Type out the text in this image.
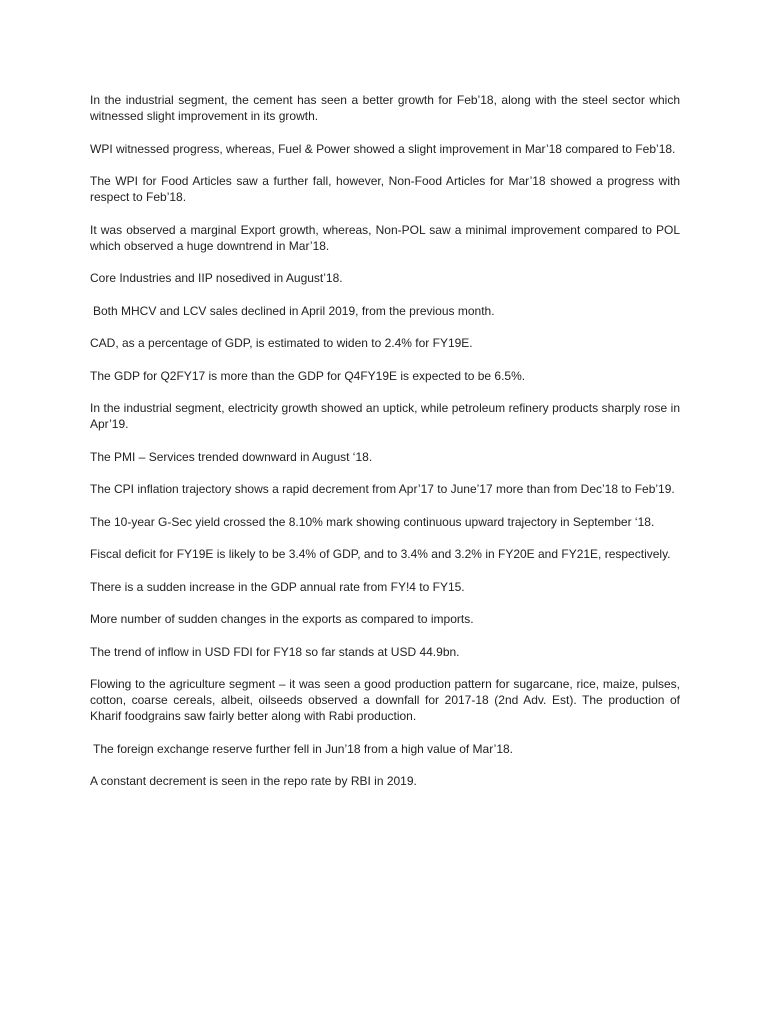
In the industrial segment, the cement has seen a better growth for Feb’18, along with the steel sector which witnessed slight improvement in its growth.

WPI witnessed progress, whereas, Fuel & Power showed a slight improvement in Mar’18 compared to Feb’18.

The WPI for Food Articles saw a further fall, however, Non-Food Articles for Mar’18 showed a progress with respect to Feb’18.

It was observed a marginal Export growth, whereas, Non-POL saw a minimal improvement compared to POL which observed a huge downtrend in Mar’18.

Core Industries and IIP nosedived in August’18.

Both MHCV and LCV sales declined in April 2019, from the previous month.

CAD, as a percentage of GDP, is estimated to widen to 2.4% for FY19E.

The GDP for Q2FY17 is more than the GDP for Q4FY19E is expected to be 6.5%.

In the industrial segment, electricity growth showed an uptick, while petroleum refinery products sharply rose in Apr’19.

The PMI – Services trended downward in August ‘18.

The CPI inflation trajectory shows a rapid decrement from Apr’17 to June’17 more than from Dec’18 to Feb’19.

The 10-year G-Sec yield crossed the 8.10% mark showing continuous upward trajectory in September ‘18.

Fiscal deficit for FY19E is likely to be 3.4% of GDP, and to 3.4% and 3.2% in FY20E and FY21E, respectively.

There is a sudden increase in the GDP annual rate from FY!4 to FY15.

More number of sudden changes in the exports as compared to imports.

The trend of inflow in USD FDI for FY18 so far stands at USD 44.9bn.

Flowing to the agriculture segment – it was seen a good production pattern for sugarcane, rice, maize, pulses, cotton, coarse cereals, albeit, oilseeds observed a downfall for 2017-18 (2nd Adv. Est). The production of Kharif foodgrains saw fairly better along with Rabi production.

The foreign exchange reserve further fell in Jun’18 from a high value of Mar’18.

A constant decrement is seen in the repo rate by RBI in 2019.
